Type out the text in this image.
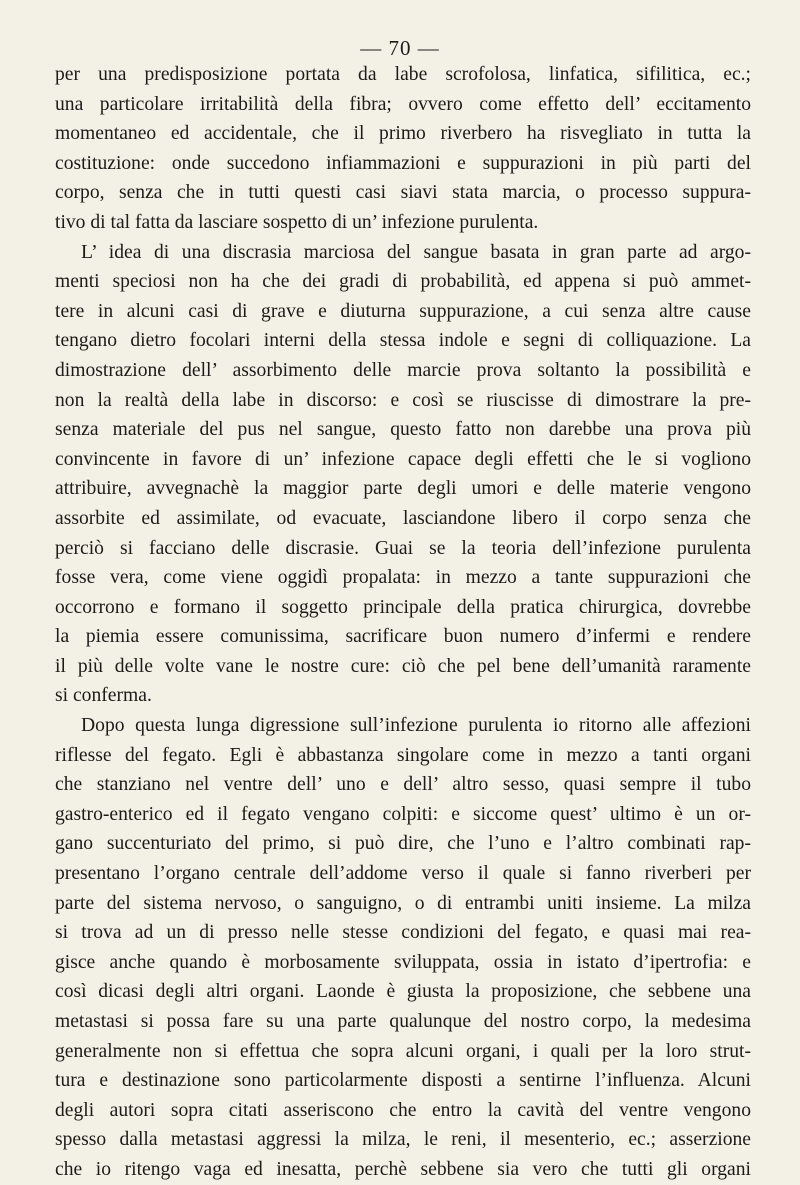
— 70 —
per una predisposizione portata da labe scrofolosa, linfatica, sifilitica, ec.;
una particolare irritabilità della fibra; ovvero come effetto dell’ eccitamento
momentaneo ed accidentale, che il primo riverbero ha risvegliato in tutta la
costituzione: onde succedono infiammazioni e suppurazioni in più parti del
corpo, senza che in tutti questi casi siavi stata marcia, o processo suppura-
tivo di tal fatta da lasciare sospetto di un’ infezione purulenta.
L’ idea di una discrasia marciosa del sangue basata in gran parte ad argo-
menti speciosi non ha che dei gradi di probabilità, ed appena si può ammet-
tere in alcuni casi di grave e diuturna suppurazione, a cui senza altre cause
tengano dietro focolari interni della stessa indole e segni di colliquazione. La
dimostrazione dell’ assorbimento delle marcie prova soltanto la possibilità e
non la realtà della labe in discorso: e così se riuscisse di dimostrare la pre-
senza materiale del pus nel sangue, questo fatto non darebbe una prova più
convincente in favore di un’ infezione capace degli effetti che le si vogliono
attribuire, avvegnachè la maggior parte degli umori e delle materie vengono
assorbite ed assimilate, od evacuate, lasciandone libero il corpo senza che
perciò si facciano delle discrasie. Guai se la teoria dell’infezione purulenta
fosse vera, come viene oggidì propalata: in mezzo a tante suppurazioni che
occorrono e formano il soggetto principale della pratica chirurgica, dovrebbe
la piemia essere comunissima, sacrificare buon numero d’infermi e rendere
il più delle volte vane le nostre cure: ciò che pel bene dell’umanità raramente
si conferma.
Dopo questa lunga digressione sull’infezione purulenta io ritorno alle affezioni
riflesse del fegato. Egli è abbastanza singolare come in mezzo a tanti organi
che stanziano nel ventre dell’ uno e dell’ altro sesso, quasi sempre il tubo
gastro-enterico ed il fegato vengano colpiti: e siccome quest’ ultimo è un or-
gano succenturiato del primo, si può dire, che l’uno e l’altro combinati rap-
presentano l’organo centrale dell’addome verso il quale si fanno riverberi per
parte del sistema nervoso, o sanguigno, o di entrambi uniti insieme. La milza
si trova ad un di presso nelle stesse condizioni del fegato, e quasi mai rea-
gisce anche quando è morbosamente sviluppata, ossia in istato d’ipertrofia: e
così dicasi degli altri organi. Laonde è giusta la proposizione, che sebbene una
metastasi si possa fare su una parte qualunque del nostro corpo, la medesima
generalmente non si effettua che sopra alcuni organi, i quali per la loro strut-
tura e destinazione sono particolarmente disposti a sentirne l’influenza. Alcuni
degli autori sopra citati asseriscono che entro la cavità del ventre vengono
spesso dalla metastasi aggressi la milza, le reni, il mesenterio, ec.; asserzione
che io ritengo vaga ed inesatta, perchè sebbene sia vero che tutti gli organi
